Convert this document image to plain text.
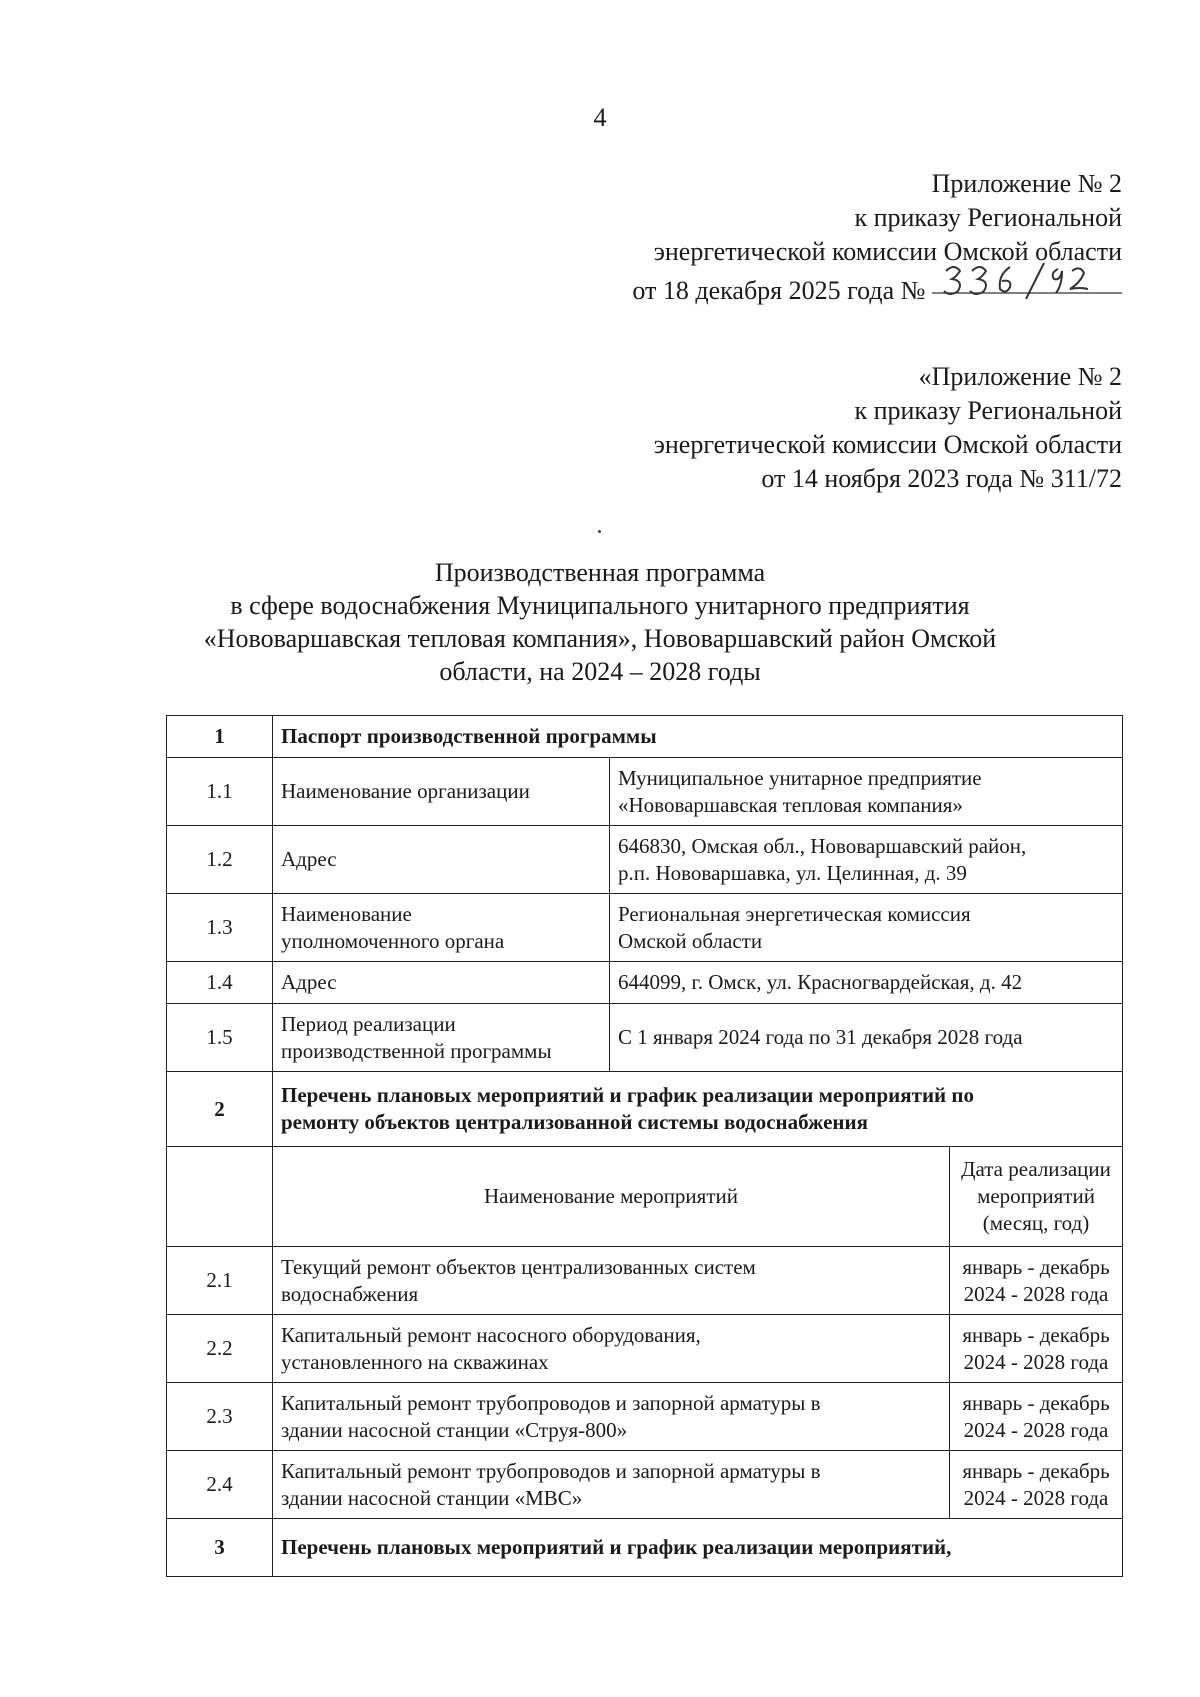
4
Приложение № 2
к приказу Региональной
энергетической комиссии Омской области
от 18 декабря 2025 года №
«Приложение № 2
к приказу Региональной
энергетической комиссии Омской области
от 14 ноября 2023 года № 311/72
Производственная программа
в сфере водоснабжения Муниципального унитарного предприятия
«Нововаршавская тепловая компания», Нововаршавский район Омской
области, на 2024 – 2028 годы
1	Паспорт производственной программы		
1.1	Наименование организации	Муниципальное унитарное предприятие
«Нововаршавская тепловая компания»	

1.2	Адрес	646830, Омская обл., Нововаршавский район,
р.п. Нововаршавка, ул. Целинная, д. 39	

1.3	Наименование
уполномоченного органа	Региональная энергетическая комиссия
Омской области	

1.4	Адрес	644099, г. Омск, ул. Красногвардейская, д. 42	

1.5	Период реализации
производственной программы	С 1 января 2024 года по 31 декабря 2028 года	

2	Перечень плановых мероприятий и график реализации мероприятий по
ремонту объектов централизованной системы водоснабжения		

	Наименование мероприятий		Дата реализации
мероприятий
(месяц, год)

2.1	Текущий ремонт объектов централизованных систем
водоснабжения		январь - декабрь
2024 - 2028 года

2.2	Капитальный ремонт насосного оборудования,
установленного на скважинах		январь - декабрь
2024 - 2028 года

2.3	Капитальный ремонт трубопроводов и запорной арматуры в
здании насосной станции «Струя-800»		январь - декабрь
2024 - 2028 года

2.4	Капитальный ремонт трубопроводов и запорной арматуры в
здании насосной станции «МВС»		январь - декабрь
2024 - 2028 года

3	Перечень плановых мероприятий и график реализации мероприятий,		
